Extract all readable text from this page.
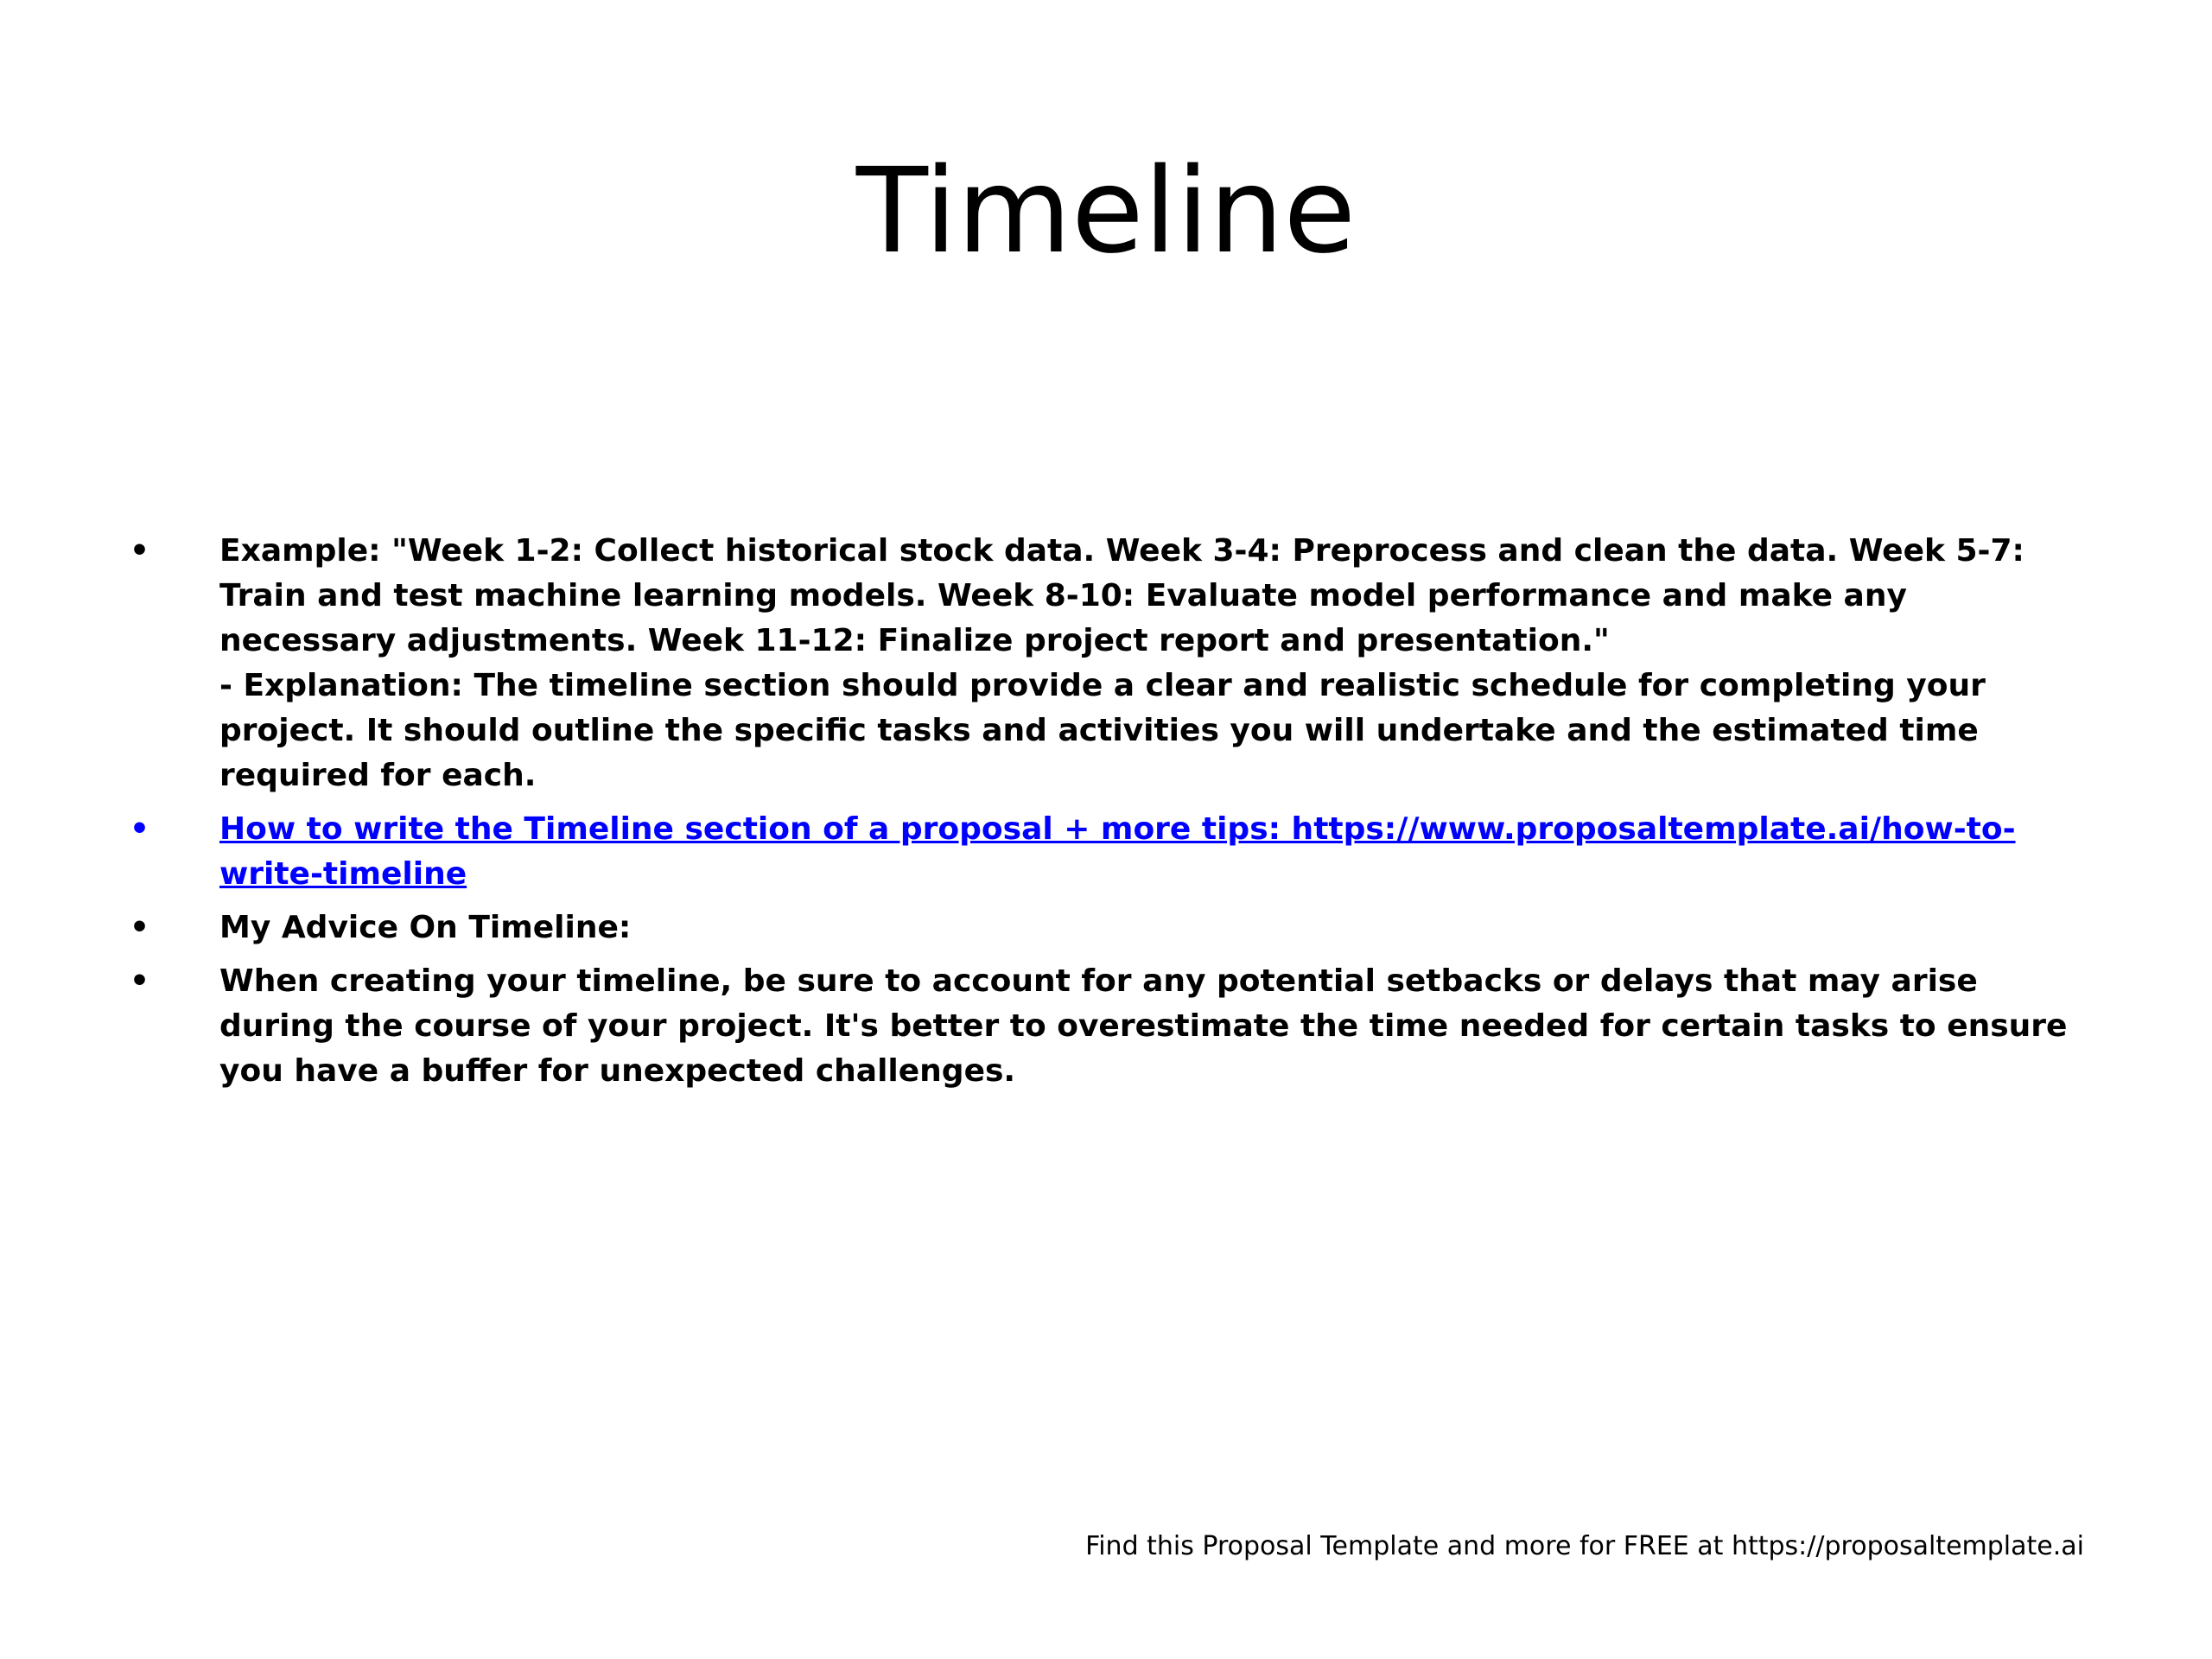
Timeline
•	Example: "Week 1-2: Collect historical stock data. Week 3-4: Preprocess and clean the data. Week 5-7: Train and test machine learning models. Week 8-10: Evaluate model performance and make any necessary adjustments. Week 11-12: Finalize project report and presentation."
- Explanation: The timeline section should provide a clear and realistic schedule for completing your project. It should outline the specific tasks and activities you will undertake and the estimated time required for each.
•	How to write the Timeline section of a proposal + more tips: https://www.proposaltemplate.ai/how-to-write-timeline
•	My Advice On Timeline:
•	When creating your timeline, be sure to account for any potential setbacks or delays that may arise during the course of your project. It's better to overestimate the time needed for certain tasks to ensure you have a buffer for unexpected challenges.
Find this Proposal Template and more for FREE at https://proposaltemplate.ai
